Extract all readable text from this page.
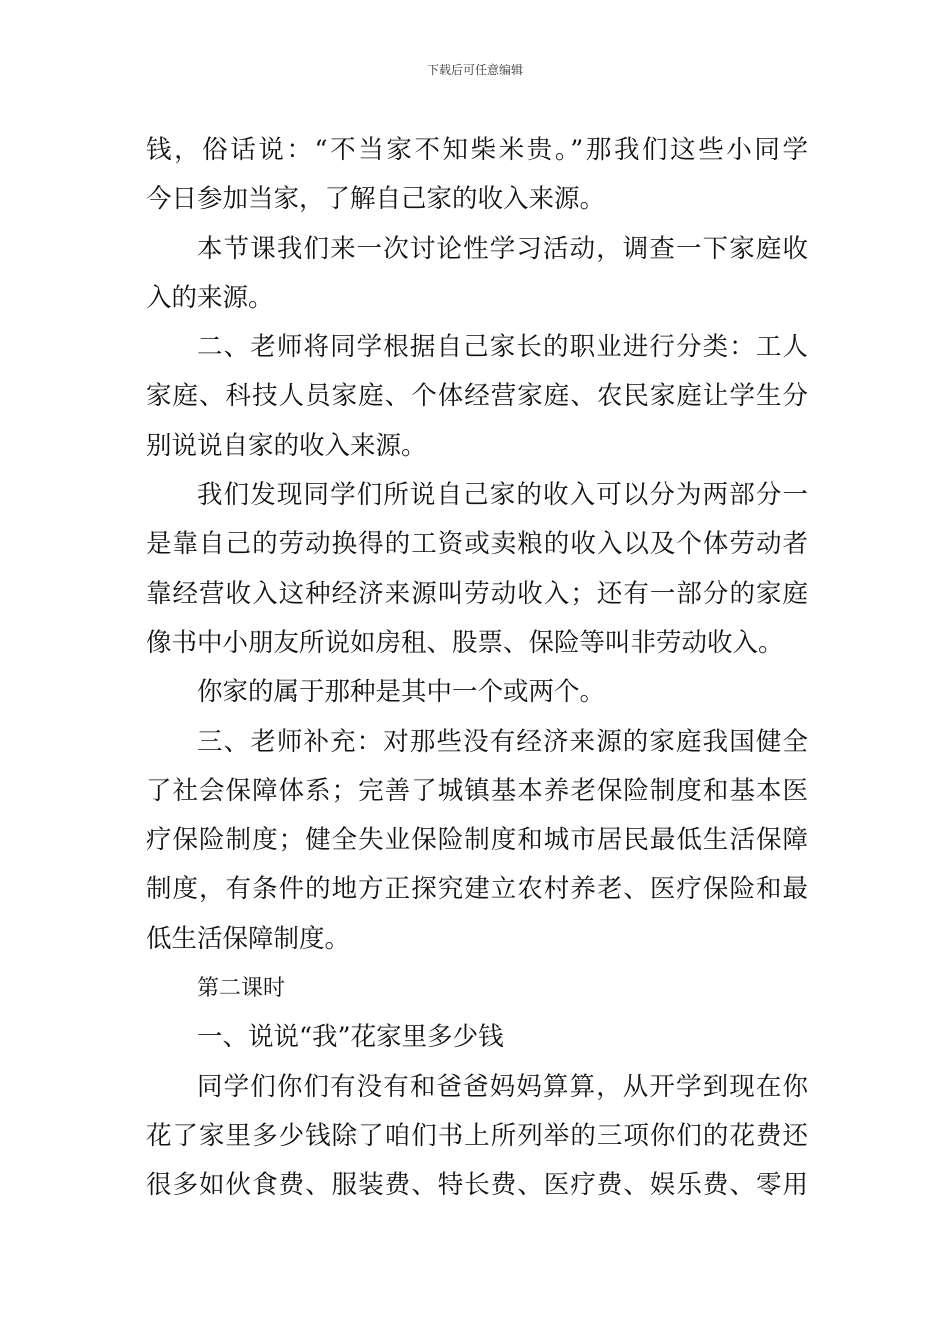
下载后可任意编辑
钱，俗话说：“不当家不知柴米贵。”那我们这些小同学
今日参加当家，了解自己家的收入来源。
本节课我们来一次讨论性学习活动，调查一下家庭收
入的来源。
二、老师将同学根据自己家长的职业进行分类：工人
家庭、科技人员家庭、个体经营家庭、农民家庭让学生分
别说说自家的收入来源。
我们发现同学们所说自己家的收入可以分为两部分一
是靠自己的劳动换得的工资或卖粮的收入以及个体劳动者
靠经营收入这种经济来源叫劳动收入；还有一部分的家庭
像书中小朋友所说如房租、股票、保险等叫非劳动收入。
你家的属于那种是其中一个或两个。
三、老师补充：对那些没有经济来源的家庭我国健全
了社会保障体系；完善了城镇基本养老保险制度和基本医
疗保险制度；健全失业保险制度和城市居民最低生活保障
制度，有条件的地方正探究建立农村养老、医疗保险和最
低生活保障制度。
第二课时
一、说说“我”花家里多少钱
同学们你们有没有和爸爸妈妈算算，从开学到现在你
花了家里多少钱除了咱们书上所列举的三项你们的花费还
很多如伙食费、服装费、特长费、医疗费、娱乐费、零用
